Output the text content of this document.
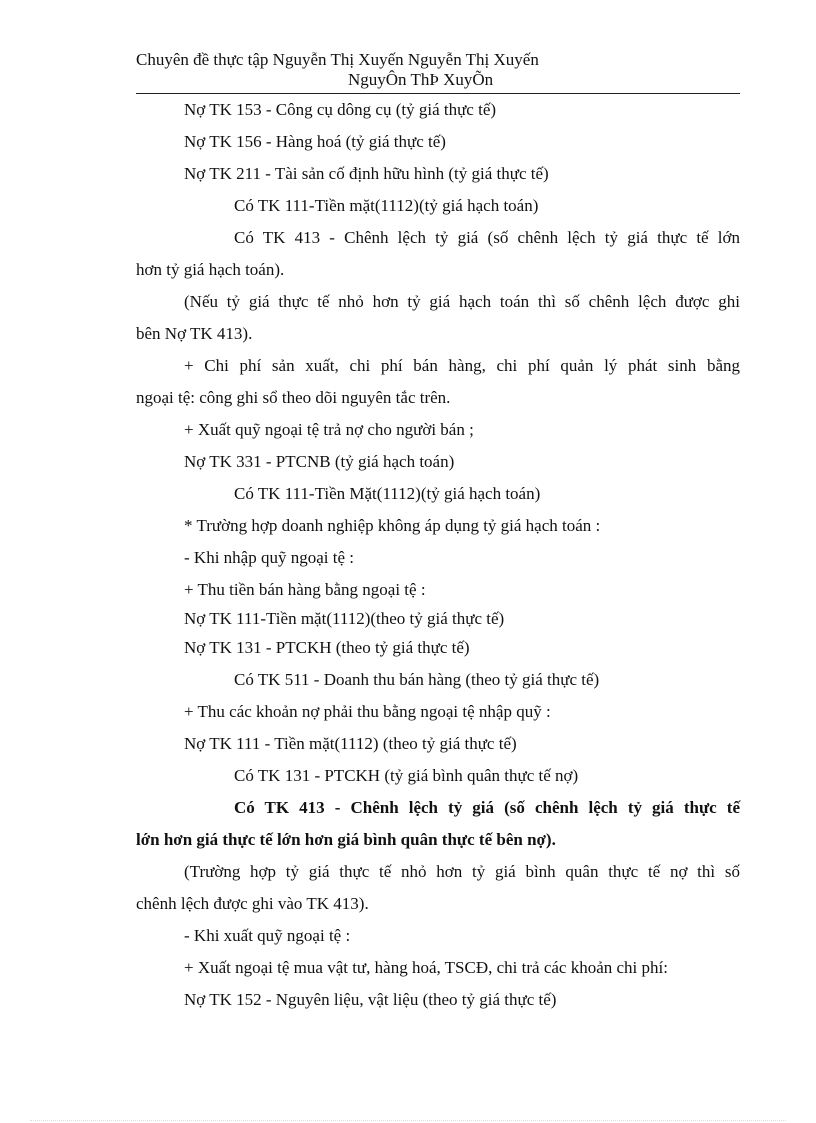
Chuyên đề thực tập Nguyễn Thị Xuyến Nguyễn Thị Xuyến

NguyÔn ThÞ XuyÕn

Nợ TK 153 - Công cụ dông cụ (tỷ giá thực tế)

Nợ TK 156 - Hàng hoá (tỷ giá thực tế)

Nợ TK 211 - Tài sản cố định hữu hình (tỷ giá thực tế)

Có TK 111-Tiền mặt(1112)(tỷ giá hạch toán)

Có TK 413 - Chênh lệch tỷ giá (số chênh lệch tỷ giá thực tế lớn

hơn tỷ giá hạch toán).

(Nếu tỷ giá thực tế nhỏ hơn tỷ giá hạch toán thì số chênh lệch được ghi

bên Nợ TK 413).

+ Chi phí sản xuất, chi phí bán hàng, chi phí quản lý phát sinh bằng

ngoại tệ: công ghi sổ theo dõi nguyên tắc trên.

+ Xuất quỹ ngoại tệ trả nợ cho người bán ;

Nợ TK 331 - PTCNB (tỷ giá hạch toán)

Có TK 111-Tiền Mặt(1112)(tỷ giá hạch toán)

* Trường hợp doanh nghiệp không áp dụng tỷ giá hạch toán :

- Khi nhập quỹ ngoại tệ :

+ Thu tiền bán hàng bằng ngoại tệ :

Nợ TK 111-Tiền mặt(1112)(theo tỷ giá thực tế)

Nợ TK 131 - PTCKH (theo tỷ giá thực tế)

Có TK 511 - Doanh thu bán hàng (theo tỷ giá thực tế)

+ Thu các khoản nợ phải thu bằng ngoại tệ nhập quỹ :

Nợ TK 111 - Tiền mặt(1112) (theo tỷ giá thực tế)

Có TK 131 - PTCKH (tỷ giá bình quân thực tế nợ)

Có TK 413 - Chênh lệch tỷ giá (số chênh lệch tỷ giá thực tế

lớn hơn giá thực tế lớn hơn giá bình quân thực tế bên nợ).

(Trường hợp tỷ giá thực tế nhỏ hơn tỷ giá bình quân thực tế nợ thì số

chênh lệch được ghi vào TK 413).

- Khi xuất quỹ ngoại tệ :

+ Xuất ngoại tệ mua vật tư, hàng hoá, TSCĐ, chi trả các khoản chi phí:

Nợ TK 152 - Nguyên liệu, vật liệu (theo tỷ giá thực tế)
